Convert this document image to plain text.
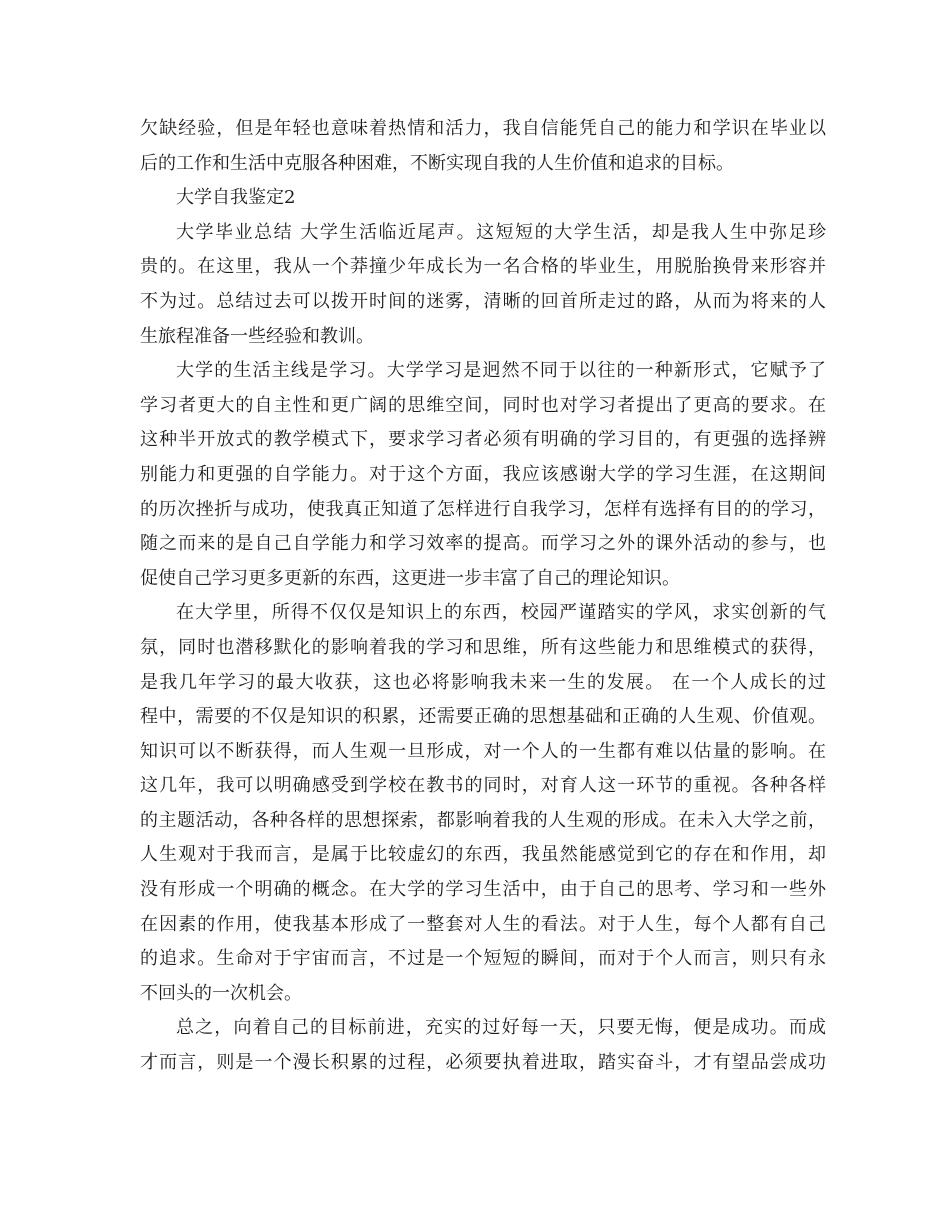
欠缺经验，但是年轻也意味着热情和活力，我自信能凭自己的能力和学识在毕业以
后的工作和生活中克服各种困难，不断实现自我的人生价值和追求的目标。
大学自我鉴定2
大学毕业总结 大学生活临近尾声。这短短的大学生活，却是我人生中弥足珍
贵的。在这里，我从一个莽撞少年成长为一名合格的毕业生，用脱胎换骨来形容并
不为过。总结过去可以拨开时间的迷雾，清晰的回首所走过的路，从而为将来的人
生旅程准备一些经验和教训。
大学的生活主线是学习。大学学习是迥然不同于以往的一种新形式，它赋予了
学习者更大的自主性和更广阔的思维空间，同时也对学习者提出了更高的要求。在
这种半开放式的教学模式下，要求学习者必须有明确的学习目的，有更强的选择辨
别能力和更强的自学能力。对于这个方面，我应该感谢大学的学习生涯，在这期间
的历次挫折与成功，使我真正知道了怎样进行自我学习，怎样有选择有目的的学习，
随之而来的是自己自学能力和学习效率的提高。而学习之外的课外活动的参与，也
促使自己学习更多更新的东西，这更进一步丰富了自己的理论知识。
在大学里，所得不仅仅是知识上的东西，校园严谨踏实的学风，求实创新的气
氛，同时也潜移默化的影响着我的学习和思维，所有这些能力和思维模式的获得，
是我几年学习的最大收获，这也必将影响我未来一生的发展。 在一个人成长的过
程中，需要的不仅是知识的积累，还需要正确的思想基础和正确的人生观、价值观。
知识可以不断获得，而人生观一旦形成，对一个人的一生都有难以估量的影响。在
这几年，我可以明确感受到学校在教书的同时，对育人这一环节的重视。各种各样
的主题活动，各种各样的思想探索，都影响着我的人生观的形成。在未入大学之前，
人生观对于我而言，是属于比较虚幻的东西，我虽然能感觉到它的存在和作用，却
没有形成一个明确的概念。在大学的学习生活中，由于自己的思考、学习和一些外
在因素的作用，使我基本形成了一整套对人生的看法。对于人生，每个人都有自己
的追求。生命对于宇宙而言，不过是一个短短的瞬间，而对于个人而言，则只有永
不回头的一次机会。
总之，向着自己的目标前进，充实的过好每一天，只要无悔，便是成功。而成
才而言，则是一个漫长积累的过程，必须要执着进取，踏实奋斗，才有望品尝成功
